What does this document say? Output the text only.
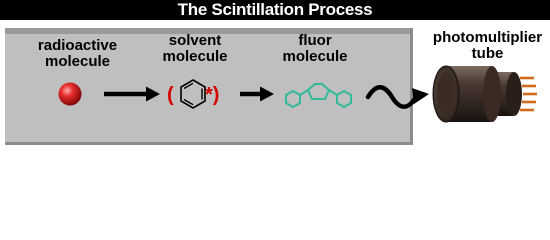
The Scintillation Process
radioactive
molecule
solvent
molecule
fluor
molecule
photomultiplier
tube
( *)
